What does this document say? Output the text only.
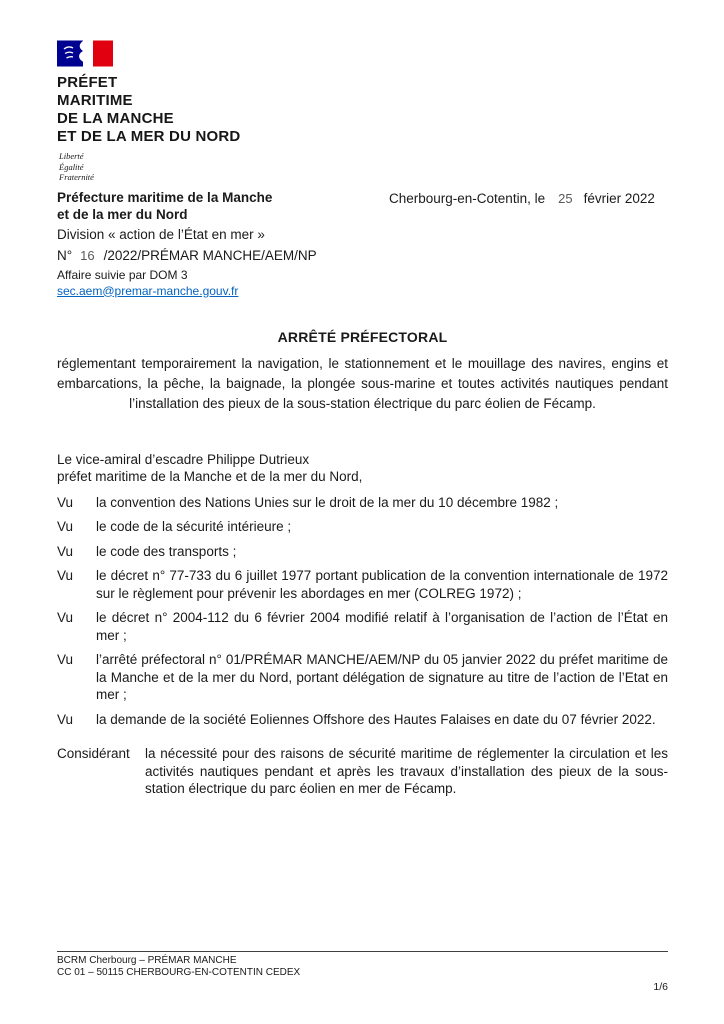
PRÉFET
MARITIME
DE LA MANCHE
ET DE LA MER DU NORD
Liberté
Égalité
Fraternité
Préfecture maritime de la Manche
et de la mer du Nord
Division « action de l’État en mer »
N° 16 /2022/PRÉMAR MANCHE/AEM/NP
Affaire suivie par DOM 3
sec.aem@premar-manche.gouv.fr
Cherbourg-en-Cotentin, le 25 février 2022
ARRÊTÉ PRÉFECTORAL
réglementant temporairement la navigation, le stationnement et le mouillage des navires, engins et embarcations, la pêche, la baignade, la plongée sous-marine et toutes activités nautiques pendant l’installation des pieux de la sous-station électrique du parc éolien de Fécamp.
Le vice-amiral d’escadre Philippe Dutrieux
préfet maritime de la Manche et de la mer du Nord,
Vu	la convention des Nations Unies sur le droit de la mer du 10 décembre 1982 ;
Vu	le code de la sécurité intérieure ;
Vu	le code des transports ;
Vu	le décret n° 77-733 du 6 juillet 1977 portant publication de la convention internationale de 1972 sur le règlement pour prévenir les abordages en mer (COLREG 1972) ;
Vu	le décret n° 2004-112 du 6 février 2004 modifié relatif à l’organisation de l’action de l’État en mer ;
Vu	l’arrêté préfectoral n° 01/PRÉMAR MANCHE/AEM/NP du 05 janvier 2022 du préfet maritime de la Manche et de la mer du Nord, portant délégation de signature au titre de l’action de l’Etat en mer ;
Vu	la demande de la société Eoliennes Offshore des Hautes Falaises en date du 07 février 2022.
Considérant	la nécessité pour des raisons de sécurité maritime de réglementer la circulation et les activités nautiques pendant et après les travaux d’installation des pieux de la sous-station électrique du parc éolien en mer de Fécamp.
BCRM Cherbourg – PRÉMAR MANCHE
CC 01 – 50115 CHERBOURG-EN-COTENTIN CEDEX
1/6
